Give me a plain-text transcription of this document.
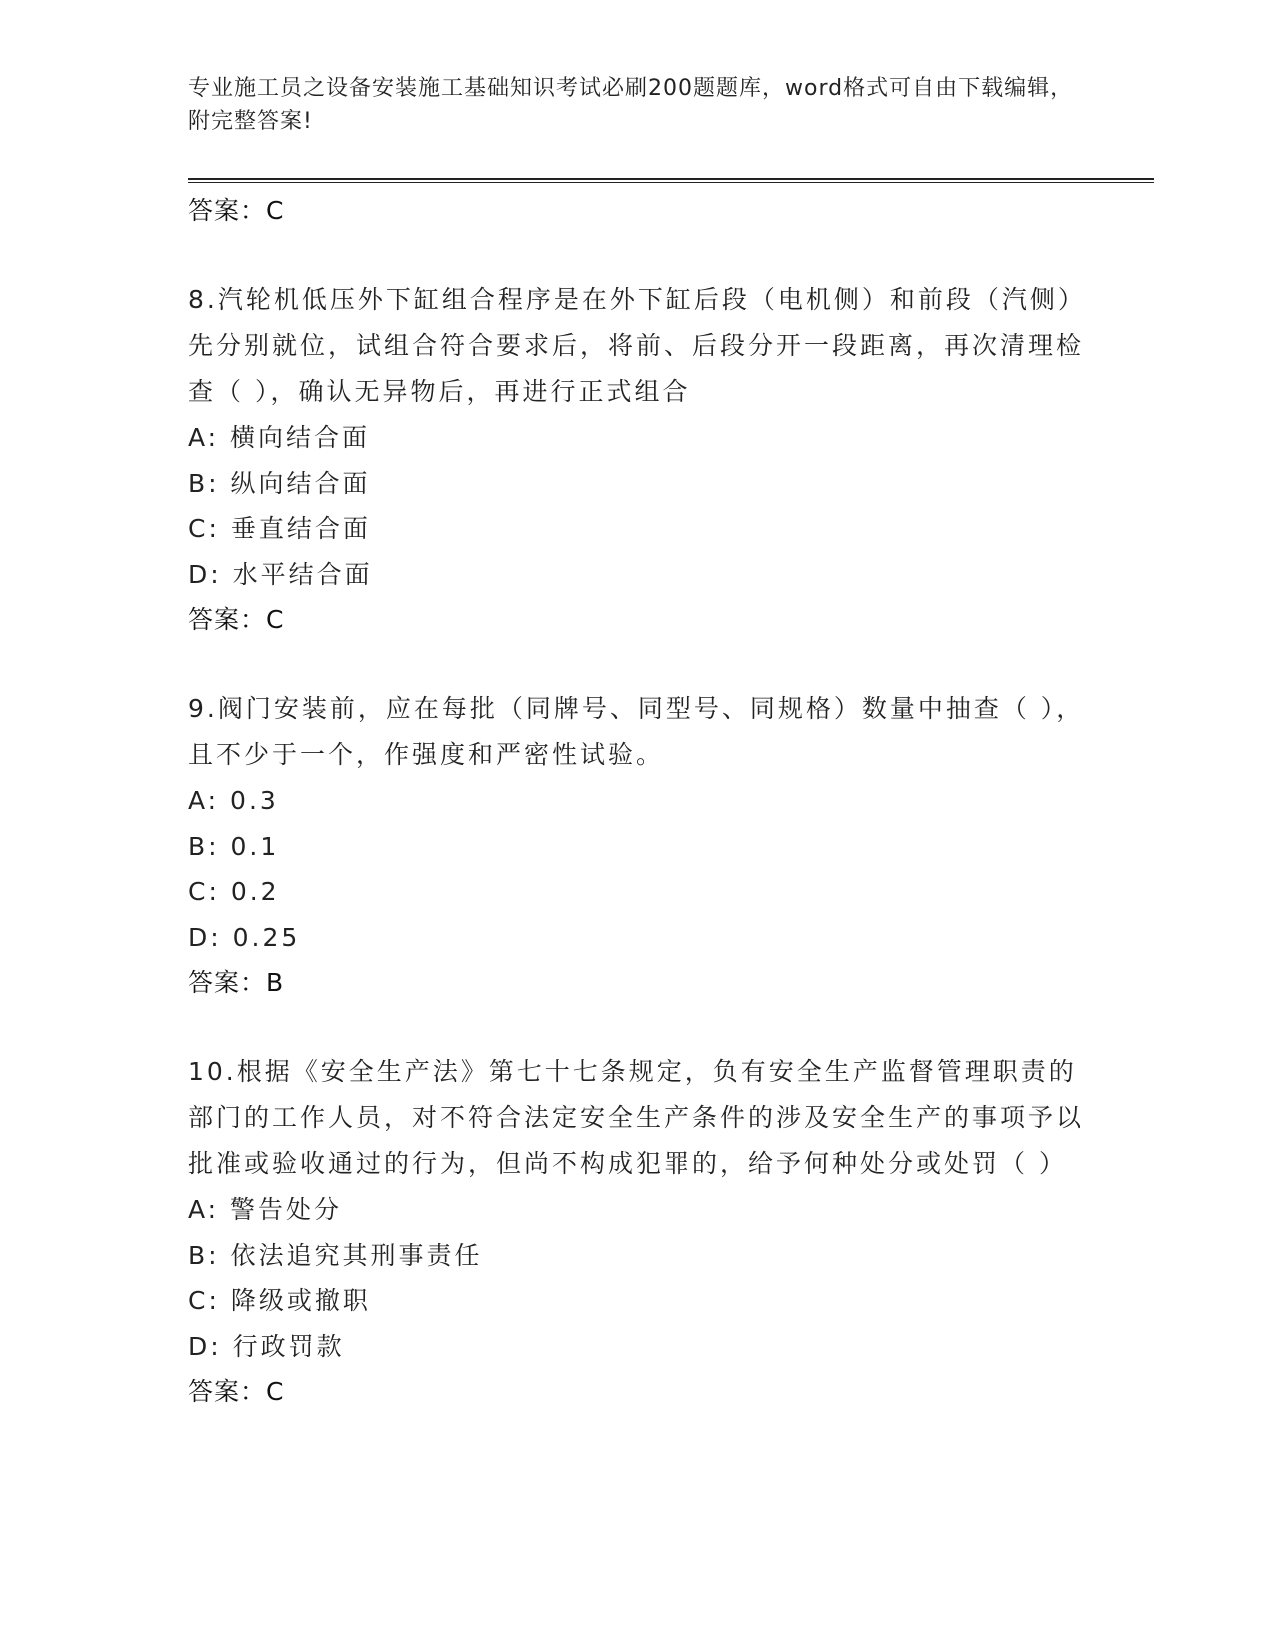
专业施工员之设备安装施工基础知识考试必刷200题题库，word格式可自由下载编辑，附完整答案!
答案：C
8.汽轮机低压外下缸组合程序是在外下缸后段（电机侧）和前段（汽侧）先分别就位，试组合符合要求后，将前、后段分开一段距离，再次清理检查（ ），确认无异物后，再进行正式组合
A: 横向结合面
B: 纵向结合面
C: 垂直结合面
D: 水平结合面
答案：C
9.阀门安装前，应在每批（同牌号、同型号、同规格）数量中抽查（ ），且不少于一个，作强度和严密性试验。
A: 0.3
B: 0.1
C: 0.2
D: 0.25
答案：B
10.根据《安全生产法》第七十七条规定，负有安全生产监督管理职责的部门的工作人员，对不符合法定安全生产条件的涉及安全生产的事项予以批准或验收通过的行为，但尚不构成犯罪的，给予何种处分或处罚（ ）
A: 警告处分
B: 依法追究其刑事责任
C: 降级或撤职
D: 行政罚款
答案：C
